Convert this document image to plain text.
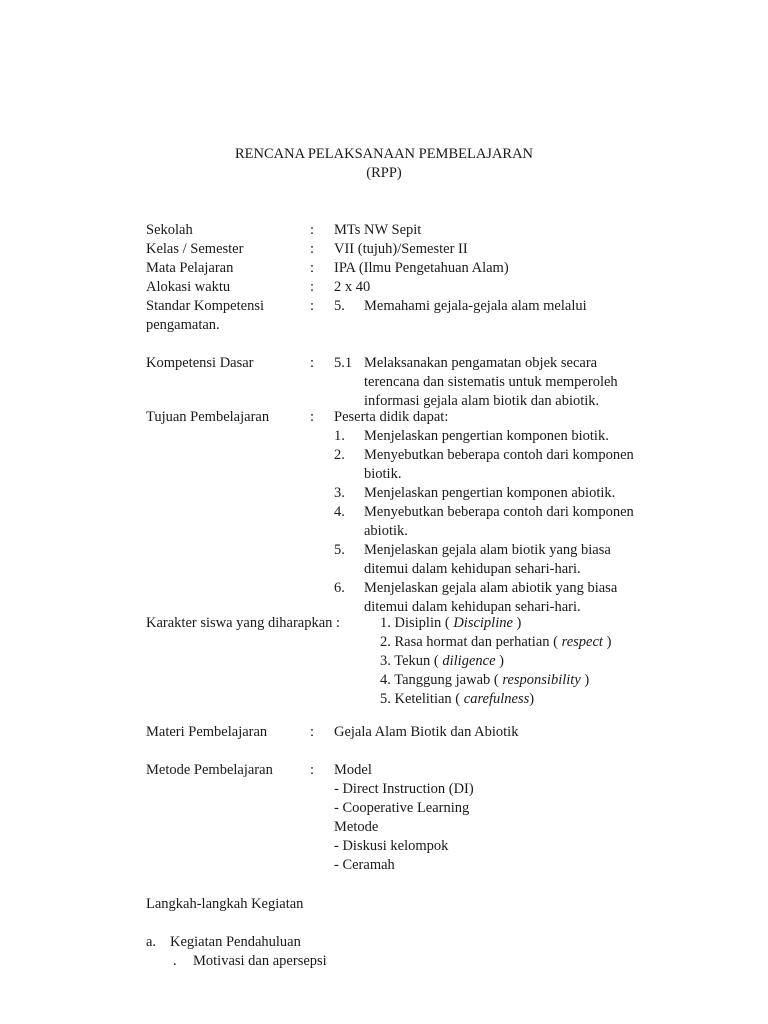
RENCANA PELAKSANAAN PEMBELAJARAN
(RPP)
Sekolah	: MTs NW Sepit
Kelas / Semester	: VII (tujuh)/Semester II
Mata Pelajaran	: IPA (Ilmu Pengetahuan Alam)
Alokasi waktu	: 2 x 40
Standar Kompetensi	: 5. Memahami gejala-gejala alam melalui
pengamatan.
Kompetensi Dasar	: 5.1 Melaksanakan pengamatan objek secara
terencana dan sistematis untuk memperoleh
informasi gejala alam biotik dan abiotik.
Tujuan Pembelajaran	: Peserta didik dapat:
1. Menjelaskan pengertian komponen biotik.
2. Menyebutkan beberapa contoh dari komponen
biotik.
3. Menjelaskan pengertian komponen abiotik.
4. Menyebutkan beberapa contoh dari komponen
abiotik.
5. Menjelaskan gejala alam biotik yang biasa
ditemui dalam kehidupan sehari-hari.
6. Menjelaskan gejala alam abiotik yang biasa
ditemui dalam kehidupan sehari-hari.
Karakter siswa yang diharapkan :	1. Disiplin ( Discipline )
2. Rasa hormat dan perhatian ( respect )
3. Tekun ( diligence )
4. Tanggung jawab ( responsibility )
5. Ketelitian ( carefulness)
Materi Pembelajaran	: Gejala Alam Biotik dan Abiotik
Metode Pembelajaran	: Model
- Direct Instruction (DI)
- Cooperative Learning
Metode
- Diskusi kelompok
- Ceramah
Langkah-langkah Kegiatan
a. Kegiatan Pendahuluan
. Motivasi dan apersepsi
